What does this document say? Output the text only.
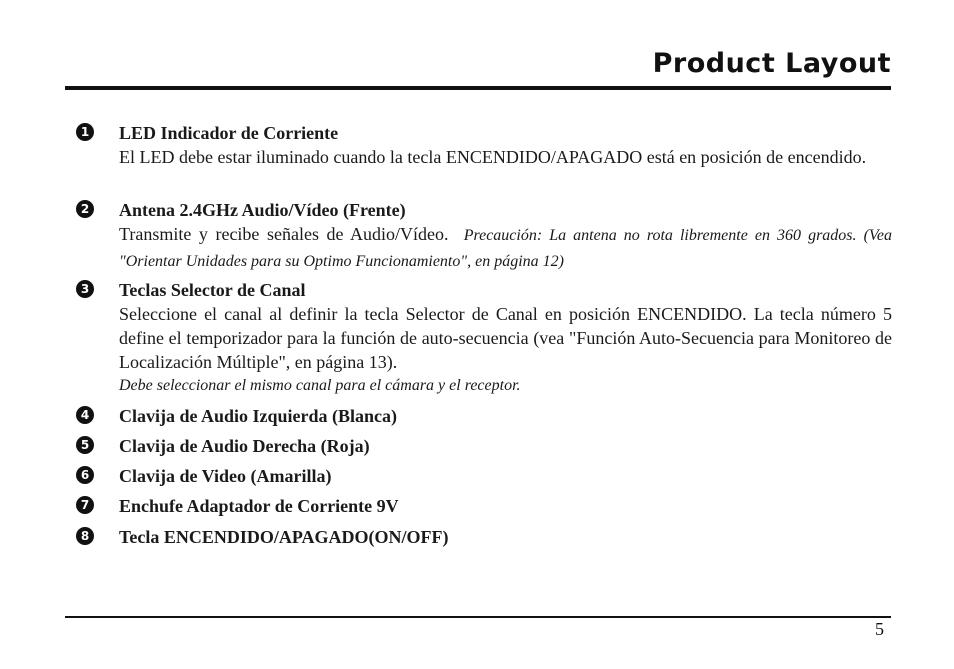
Product Layout
1 LED Indicador de Corriente
El LED debe estar iluminado cuando la tecla ENCENDIDO/APAGADO está en posición de encendido.
2 Antena 2.4GHz Audio/Vídeo (Frente)
Transmite y recibe señales de Audio/Vídeo. Precaución: La antena no rota libremente en 360 grados. (Vea "Orientar Unidades para su Optimo Funcionamiento", en página 12)
3 Teclas Selector de Canal
Seleccione el canal al definir la tecla Selector de Canal en posición ENCENDIDO. La tecla número 5 define el temporizador para la función de auto-secuencia (vea "Función Auto-Secuencia para Monitoreo de Localización Múltiple", en página 13).
Debe seleccionar el mismo canal para el cámara y el receptor.
4 Clavija de Audio Izquierda (Blanca)
5 Clavija de Audio Derecha (Roja)
6 Clavija de Video (Amarilla)
7 Enchufe Adaptador de Corriente 9V
8 Tecla ENCENDIDO/APAGADO(ON/OFF)
5
